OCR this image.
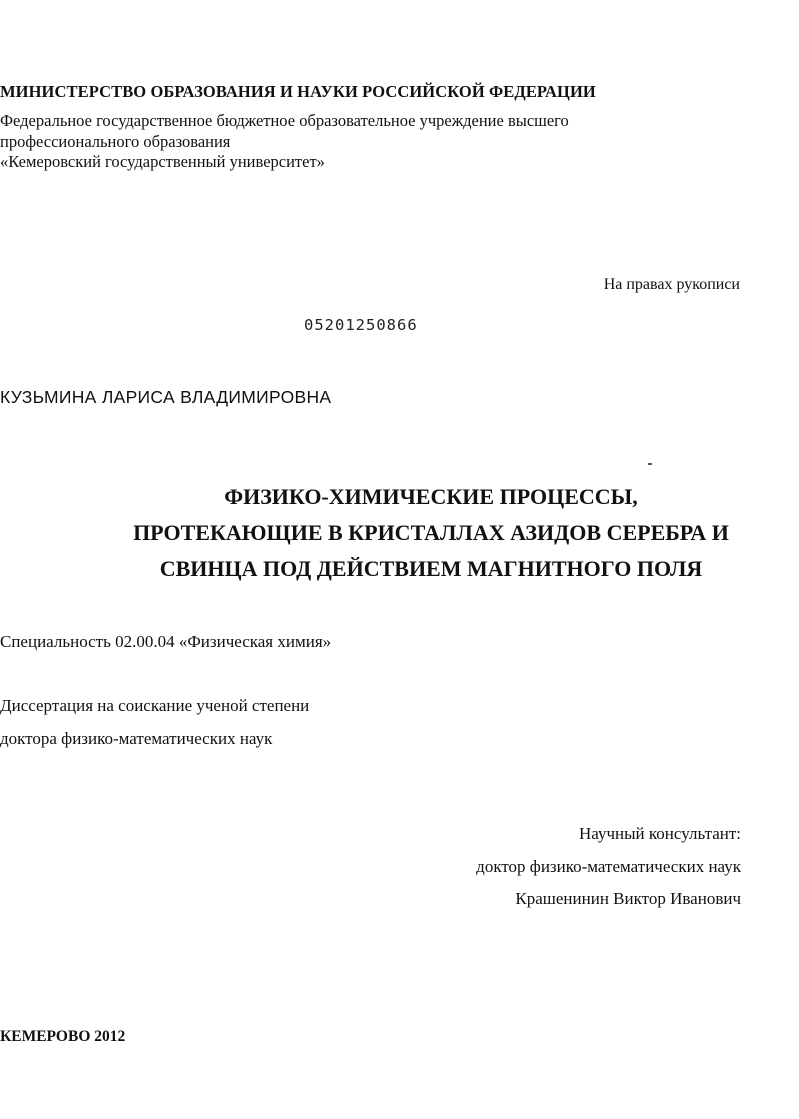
МИНИСТЕРСТВО ОБРАЗОВАНИЯ И НАУКИ РОССИЙСКОЙ ФЕДЕРАЦИИ
Федеральное государственное бюджетное образовательное учреждение высшего
профессионального образования
«Кемеровский государственный университет»
На правах рукописи
05201250866
КУЗЬМИНА ЛАРИСА ВЛАДИМИРОВНА
ФИЗИКО-ХИМИЧЕСКИЕ ПРОЦЕССЫ,
ПРОТЕКАЮЩИЕ В КРИСТАЛЛАХ АЗИДОВ СЕРЕБРА И
СВИНЦА ПОД ДЕЙСТВИЕМ МАГНИТНОГО ПОЛЯ
Специальность 02.00.04 «Физическая химия»
Диссертация на соискание ученой степени
доктора физико-математических наук
Научный консультант:
доктор физико-математических наук
Крашенинин Виктор Иванович
КЕМЕРОВО 2012
